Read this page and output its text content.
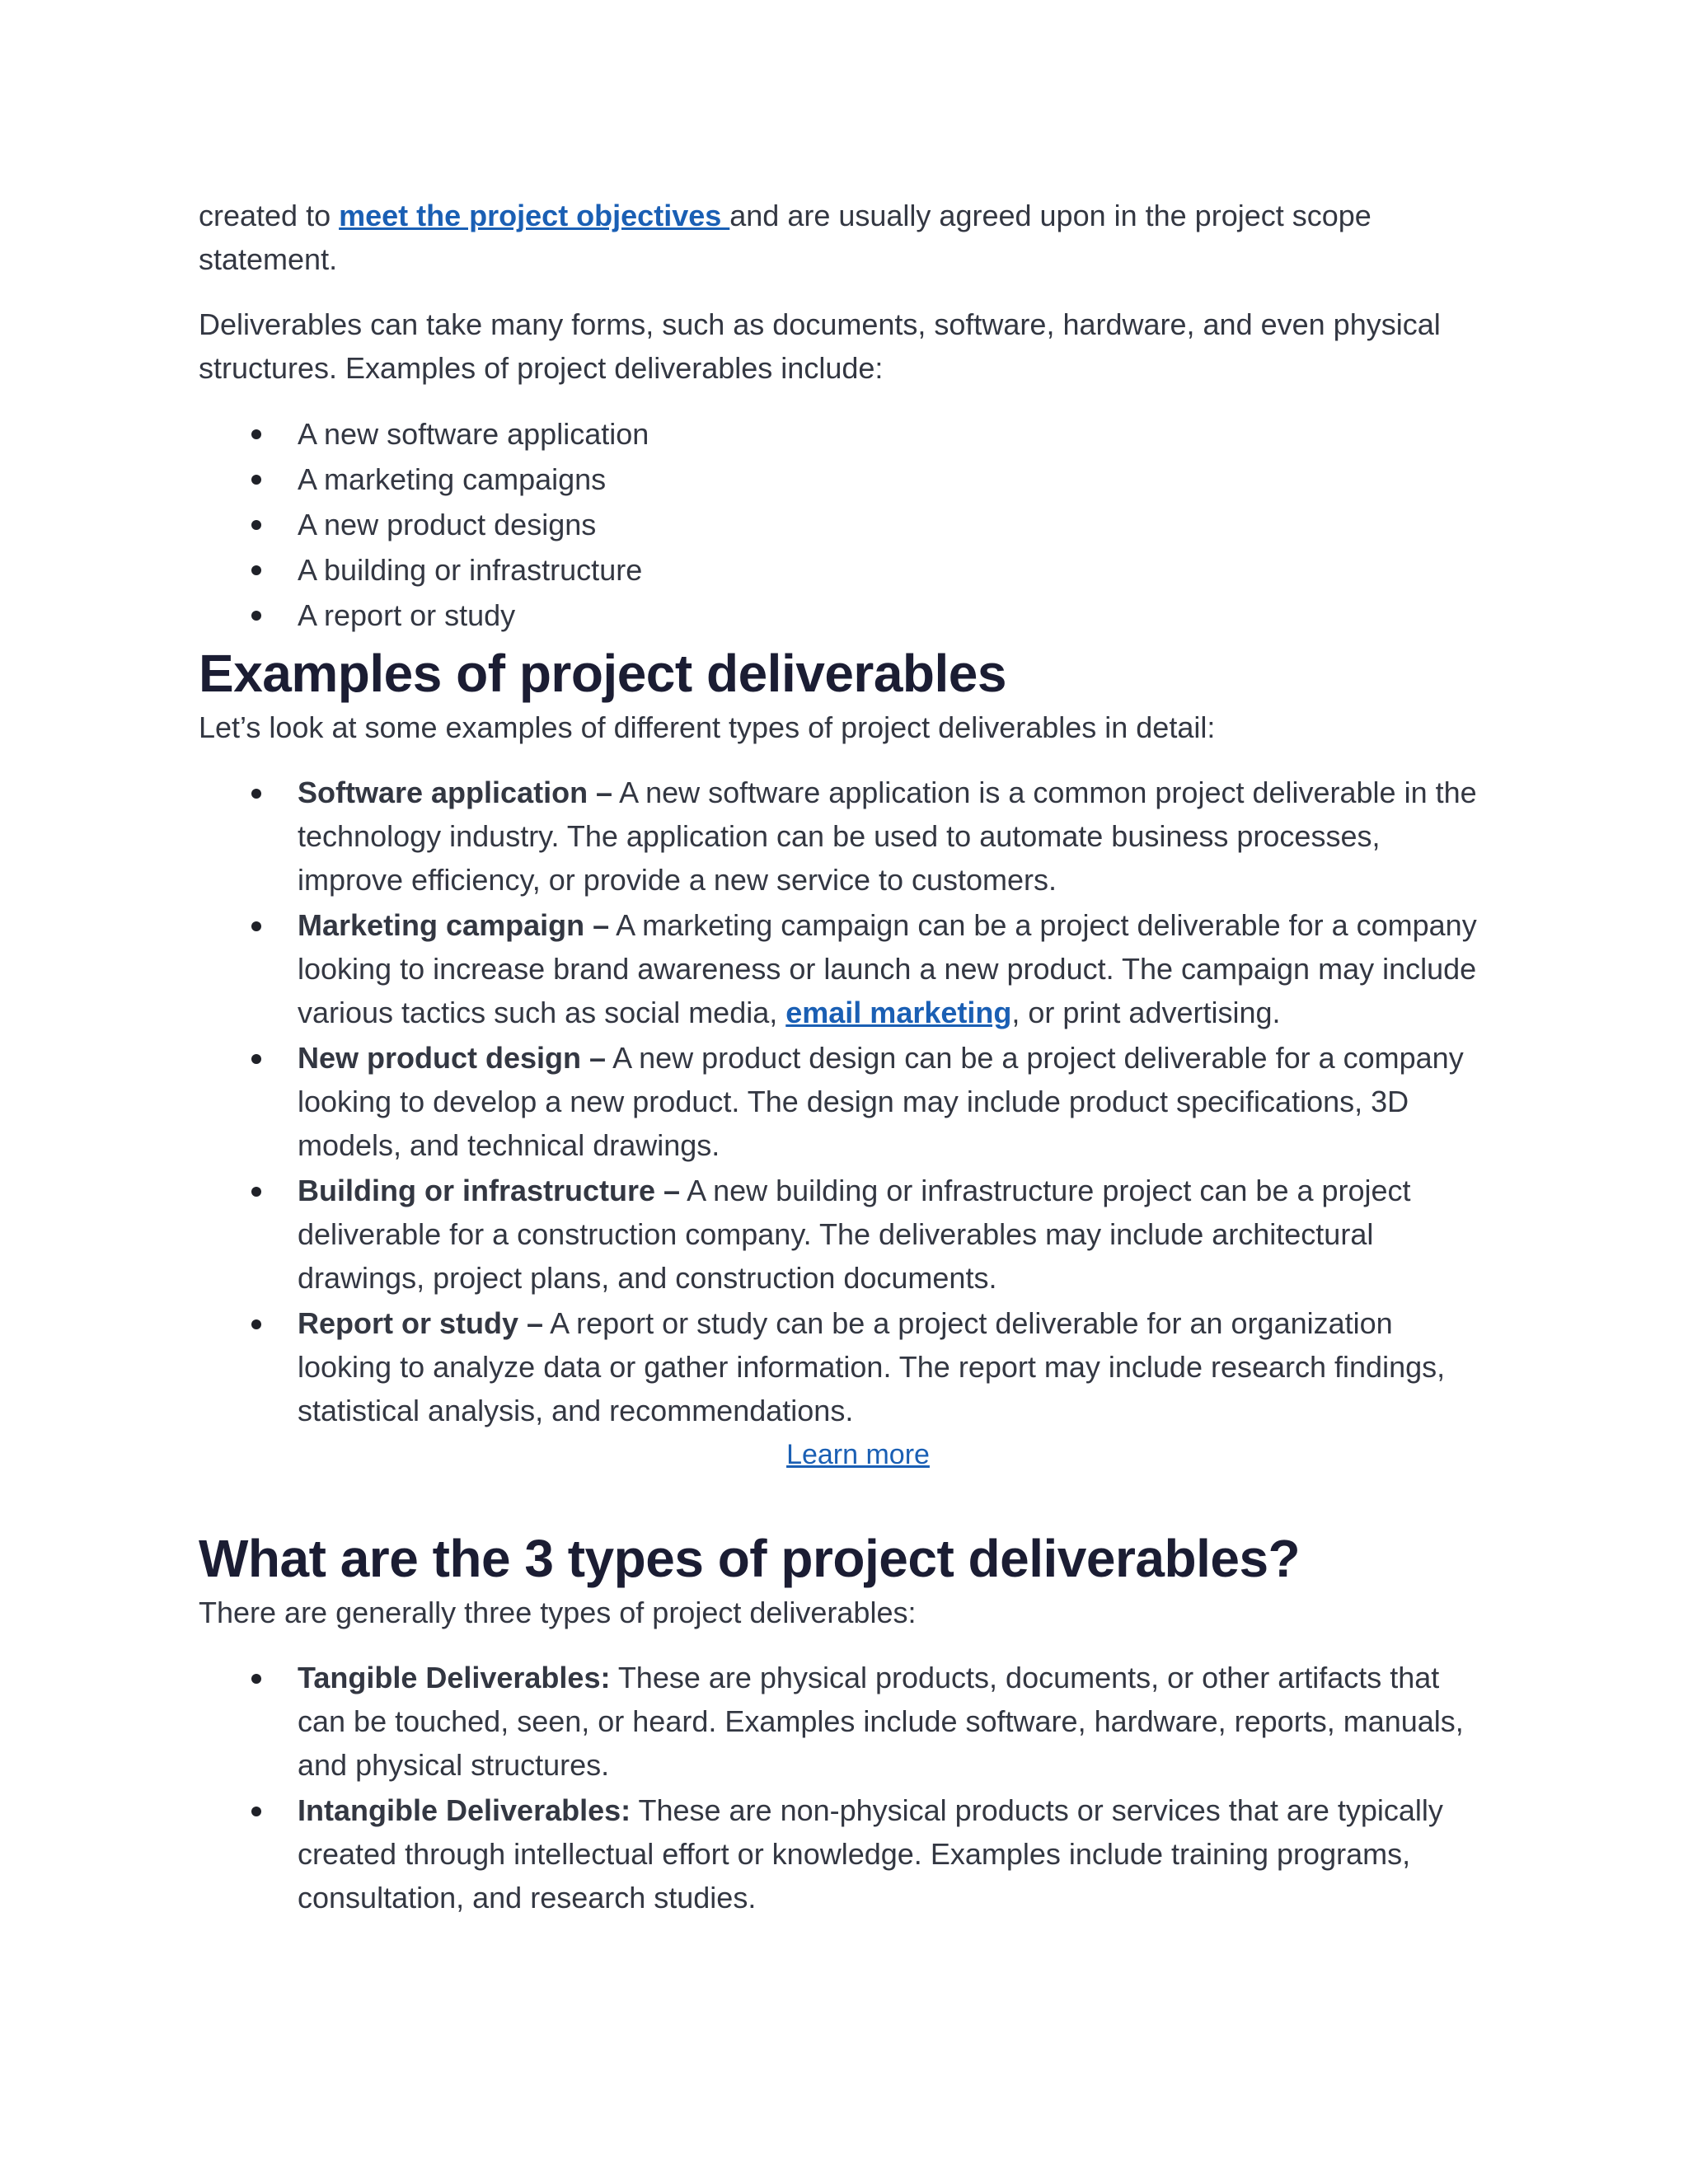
created to meet the project objectives and are usually agreed upon in the project scope statement.

Deliverables can take many forms, such as documents, software, hardware, and even physical structures. Examples of project deliverables include:

A new software application
A marketing campaigns
A new product designs
A building or infrastructure
A report or study
Examples of project deliverables

Let’s look at some examples of different types of project deliverables in detail:

Software application – A new software application is a common project deliverable in the technology industry. The application can be used to automate business processes, improve efficiency, or provide a new service to customers.
Marketing campaign – A marketing campaign can be a project deliverable for a company looking to increase brand awareness or launch a new product. The campaign may include various tactics such as social media, email marketing, or print advertising.
New product design – A new product design can be a project deliverable for a company looking to develop a new product. The design may include product specifications, 3D models, and technical drawings.
Building or infrastructure – A new building or infrastructure project can be a project deliverable for a construction company. The deliverables may include architectural drawings, project plans, and construction documents.
Report or study – A report or study can be a project deliverable for an organization looking to analyze data or gather information. The report may include research findings, statistical analysis, and recommendations.
Learn more
What are the 3 types of project deliverables?

There are generally three types of project deliverables:

Tangible Deliverables: These are physical products, documents, or other artifacts that can be touched, seen, or heard. Examples include software, hardware, reports, manuals, and physical structures.
Intangible Deliverables: These are non-physical products or services that are typically created through intellectual effort or knowledge. Examples include training programs, consultation, and research studies.
